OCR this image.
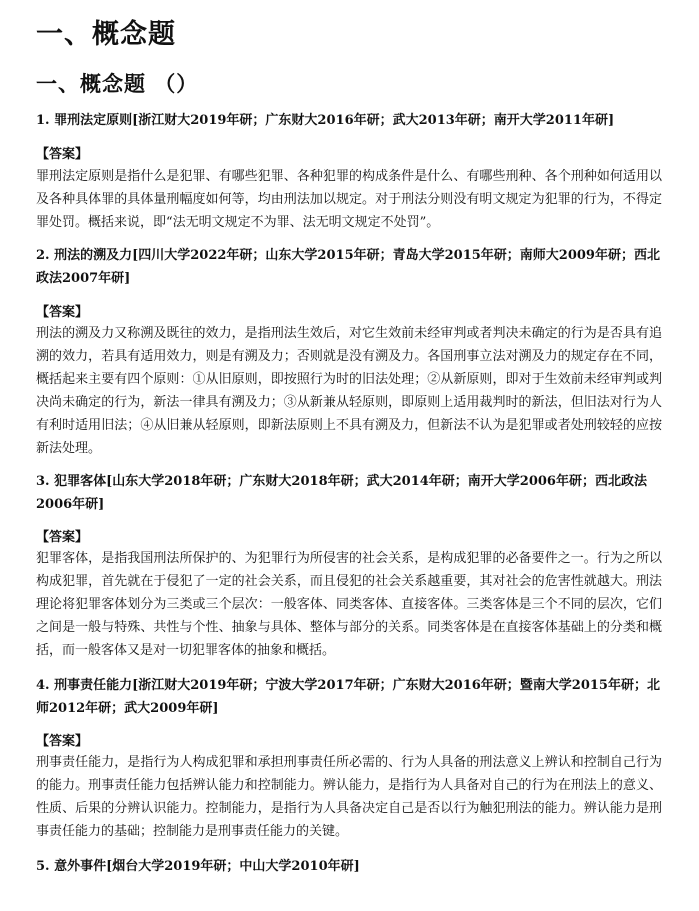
一、概念题
一、概念题 （）
1. 罪刑法定原则[浙江财大2019年研；广东财大2016年研；武大2013年研；南开大学2011年研]
【答案】
罪刑法定原则是指什么是犯罪、有哪些犯罪、各种犯罪的构成条件是什么、有哪些刑种、各个刑种如何适用以及各种具体罪的具体量刑幅度如何等，均由刑法加以规定。对于刑法分则没有明文规定为犯罪的行为，不得定罪处罚。概括来说，即“法无明文规定不为罪、法无明文规定不处罚”。
2. 刑法的溯及力[四川大学2022年研；山东大学2015年研；青岛大学2015年研；南师大2009年研；西北政法2007年研]
【答案】
刑法的溯及力又称溯及既往的效力，是指刑法生效后，对它生效前未经审判或者判决未确定的行为是否具有追溯的效力，若具有适用效力，则是有溯及力；否则就是没有溯及力。各国刑事立法对溯及力的规定存在不同，概括起来主要有四个原则：①从旧原则，即按照行为时的旧法处理；②从新原则，即对于生效前未经审判或判决尚未确定的行为，新法一律具有溯及力；③从新兼从轻原则，即原则上适用裁判时的新法，但旧法对行为人有利时适用旧法；④从旧兼从轻原则，即新法原则上不具有溯及力，但新法不认为是犯罪或者处刑较轻的应按新法处理。
3. 犯罪客体[山东大学2018年研；广东财大2018年研；武大2014年研；南开大学2006年研；西北政法2006年研]
【答案】
犯罪客体，是指我国刑法所保护的、为犯罪行为所侵害的社会关系，是构成犯罪的必备要件之一。行为之所以构成犯罪，首先就在于侵犯了一定的社会关系，而且侵犯的社会关系越重要，其对社会的危害性就越大。刑法理论将犯罪客体划分为三类或三个层次：一般客体、同类客体、直接客体。三类客体是三个不同的层次，它们之间是一般与特殊、共性与个性、抽象与具体、整体与部分的关系。同类客体是在直接客体基础上的分类和概括，而一般客体又是对一切犯罪客体的抽象和概括。
4. 刑事责任能力[浙江财大2019年研；宁波大学2017年研；广东财大2016年研；暨南大学2015年研；北师2012年研；武大2009年研]
【答案】
刑事责任能力，是指行为人构成犯罪和承担刑事责任所必需的、行为人具备的刑法意义上辨认和控制自己行为的能力。刑事责任能力包括辨认能力和控制能力。辨认能力，是指行为人具备对自己的行为在刑法上的意义、性质、后果的分辨认识能力。控制能力，是指行为人具备决定自己是否以行为触犯刑法的能力。辨认能力是刑事责任能力的基础；控制能力是刑事责任能力的关键。
5. 意外事件[烟台大学2019年研；中山大学2010年研]
